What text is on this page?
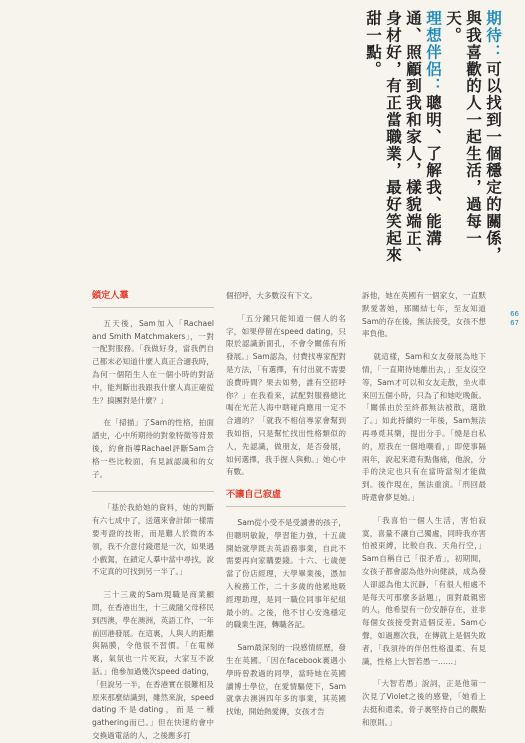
期待：可以找到一個穩定的關係，與我喜歡的人一起生活，過每一天。

理想伴侶：聰明、了解我、能溝通、照顧到我和家人，樣貌端正、身材好，有正當職業，最好笑起來甜一點。

66 67
鎖定人羣

五天後，Sam加入「Rachael and Smith Matchmakers」，一對一配對服務。「我做好身，當我們自己都未必知道什麼人真正合適我時，為何一個陌生人在一個小時的對話中，能判斷出我跟我什麼人真正確從生？搞團對是什麼？」

在「掃描」了Sam的性格，拍面譜史，心中所期待的對象特徵等背景後，約會指導Rachael評斷Sam合格一些比較面，有見誠認識和的女子。

「基於我給她的資料，她的判斷有六七成中了，送選來會計師一樣需要考證的技術，而是難人於微的本領，我不介意付錢還是一次，如果遇小戲駕，在鎖定人羣中當中尋找，說不定真的可找到另一半了。」

三十三歲的Sam現職是商業顧問，在香港出生，十三歲隨父母移民到西澳，學在澳洲，英語工作，一年前回港發展。在這裏，人與人的距離與隔膜，令他很不習慣。「在電梯裏，氣氛也一片死寂，大家互不說話。」他參加過幾次speed dating，「但說另一半，在香港實在很難相及原來那麼結識到，雖然來說，speed dating不是dating，而是一種gathering而已。」但在快速約會中交換過電話的人，之後應多打

個招呼，大多數沒有下文。

「五分鐘只能知道一個人的名字，如果停留在speed dating，只限於認識新面孔，不會令關係有所發展。」Sam認為，付費找專家配對是方法，「有選擇，有付出就不需要浪費時間？果去如勢，誰有空招呼你？」在我看來，試配對服務總比喝在光茫人海中瞎碰尚應用一定不合適的？「就我不相信專家會幫到我如指，只是幫忙找出性格類似的人，先認識，做朋友，是否發展，如何選擇，我手握人與動。」她心中有數。

不讓自己寂虛

Sam從小受不是受讀書的孩子，但聰明敏銳，學習能力強，十五歲開始就學既去英語務事業，自此不需要再向家購要錢。十六、七歲便當了份店經理，大學畢業後，憑加入稅務工作，二十多歲的他累地吸經理助理，是同一職位同事年紀組最小的。之後，他不甘心安逸穩定的職業生涯，轉職各記。

Sam最深刻的一段感情經歷，發生在英國。「因在facebook裏遇小學時曾教過的同學，當時她在英國讀博士學位，在愛情驅使下，Sam就拿去澳洲四年多的事業，其英國找她，開始熱愛傳，女孩才告

訴他，她在英國有一個家女，一直默默愛著她，那關結七年，至友知道Sam的存在後，無法接受，女孩不想率負他。

就這樣，Sam和女友發展為地下情，「一直期待她離出去，」至友沒空等，Sam才可以和女友走散，坐火車來回五個小時，只為了和她吃晚飯。「關係由於至終都無法被散，選散了。」如此持續約一年後，Sam無法再尋覓其樂，提出分手。「燒是自私的，原我在一個地嘲看，」即使事隔兩年，說起來還有點傷痛，他說，分手的決定也只有在當時當刻才能做到。後作現在，無法重演。「刑回最時還會夢見她。」

「我喜怕一個人生活，害怕寂寞，喜量不讓自己獨處，同時我亦害怕被束縛，比較自我、天角行空，」Sam自稱自己「很矛盾」，初期間，女孩子都會認為他外向健談，成為發人卻認為他太沉靜，「有很人相處不是每天可那麼多話題」，面對最親密的人，他希望有一份安靜存在，並非每個女孩接受對這個反差。Sam心聲，如過應次我，在傳就上是個失敗者，「我須待的伴侶性格溫柔、有見識，性格上大智若愚一……」

「大智若愚」說詞，正是他第一次見了Violet之後的感覺，「她看上去挺和還柔，骨子裏堅持自己的觀點和原則。」
